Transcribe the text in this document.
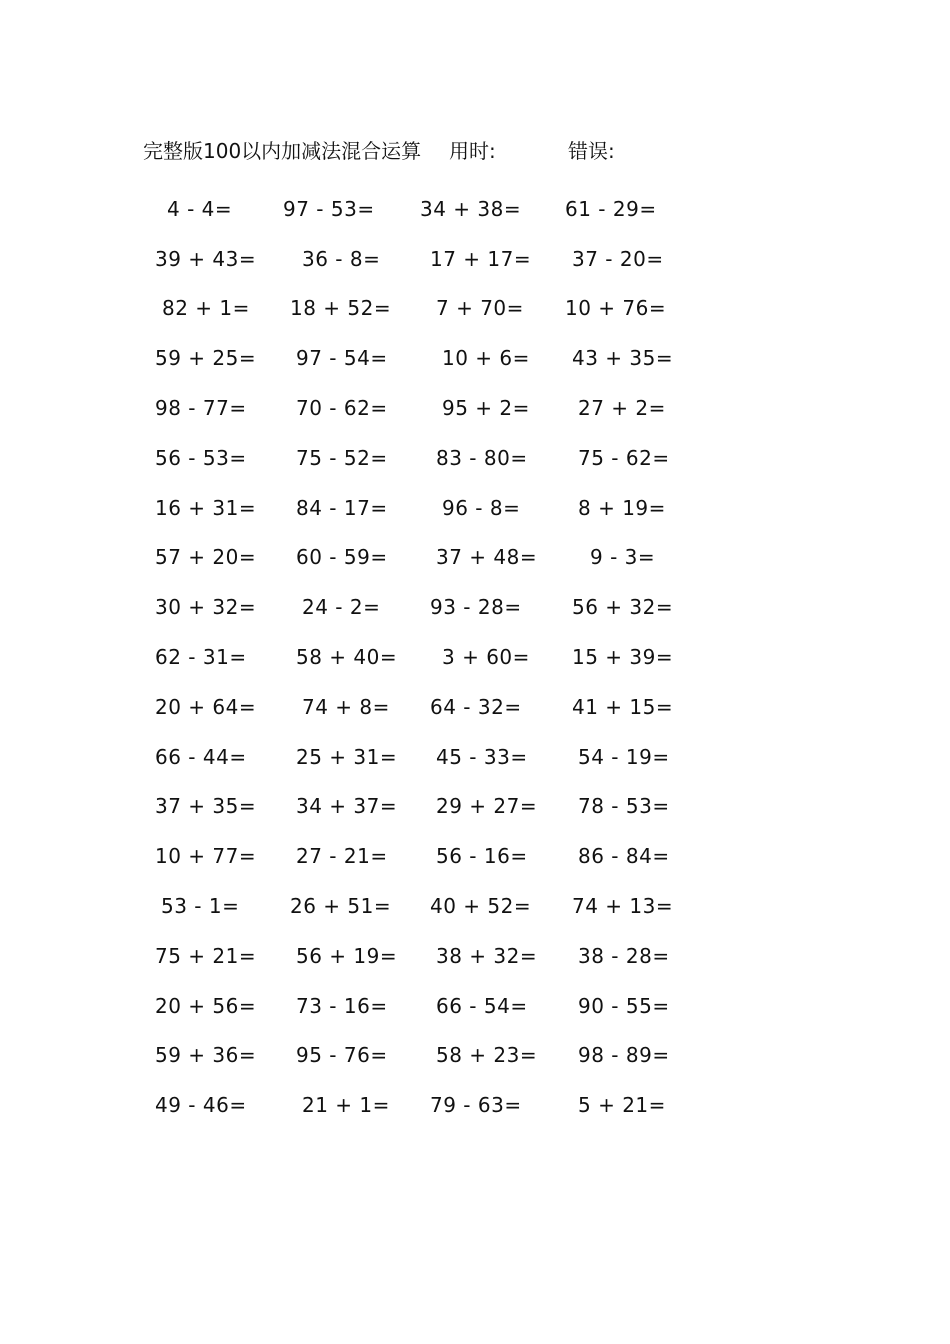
完整版100以内加减法混合运算 用时:	错误:
4 - 4=	97 - 53=	34 + 38=	61 - 29=
39 + 43=	36 - 8=	17 + 17=	37 - 20=
82 + 1=	18 + 52=	7 + 70=	10 + 76=
59 + 25=	97 - 54=	10 + 6=	43 + 35=
98 - 77=	70 - 62=	95 + 2=	27 + 2=
56 - 53=	75 - 52=	83 - 80=	75 - 62=
16 + 31=	84 - 17=	96 - 8=	8 + 19=
57 + 20=	60 - 59=	37 + 48=	9 - 3=
30 + 32=	24 - 2=	93 - 28=	56 + 32=
62 - 31=	58 + 40=	3 + 60=	15 + 39=
20 + 64=	74 + 8=	64 - 32=	41 + 15=
66 - 44=	25 + 31=	45 - 33=	54 - 19=
37 + 35=	34 + 37=	29 + 27=	78 - 53=
10 + 77=	27 - 21=	56 - 16=	86 - 84=
53 - 1=	26 + 51=	40 + 52=	74 + 13=
75 + 21=	56 + 19=	38 + 32=	38 - 28=
20 + 56=	73 - 16=	66 - 54=	90 - 55=
59 + 36=	95 - 76=	58 + 23=	98 - 89=
49 - 46=	21 + 1=	79 - 63=	5 + 21=
